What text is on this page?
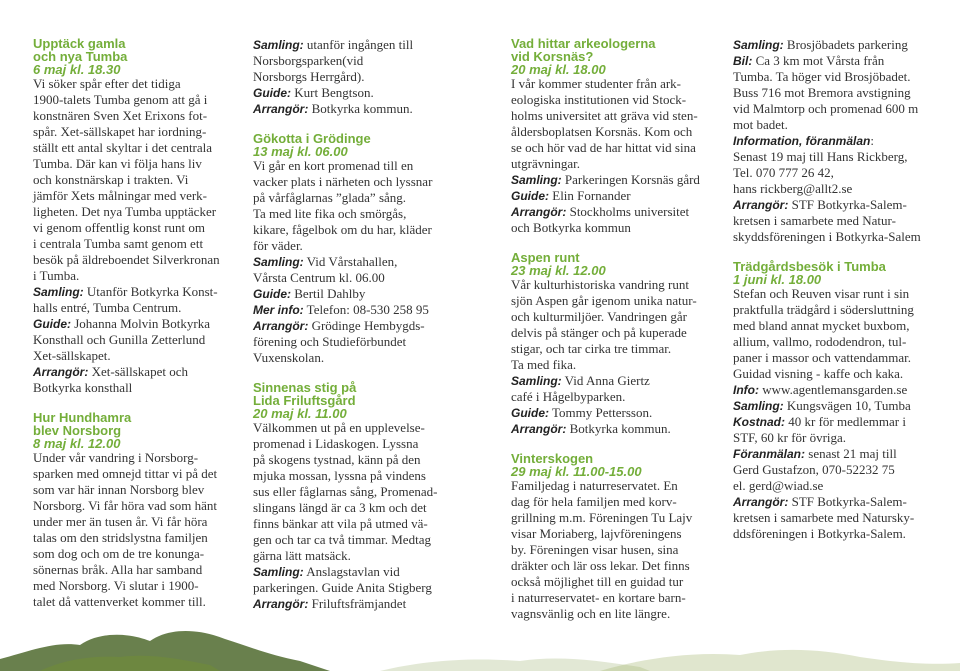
Upptäck gamla
och nya Tumba
6 maj kl. 18.30
Vi söker spår efter det tidiga
1900-talets Tumba genom att gå i
konstnären Sven Xet Erixons fot-
spår. Xet-sällskapet har iordning-
ställt ett antal skyltar i det centrala
Tumba. Där kan vi följa hans liv
och konstnärskap i trakten. Vi
jämför Xets målningar med verk-
ligheten. Det nya Tumba upptäcker
vi genom offentlig konst runt om
i centrala Tumba samt genom ett
besök på äldreboendet Silverkronan
i Tumba.
Samling: Utanför Botkyrka Konst-
halls entré, Tumba Centrum.
Guide: Johanna Molvin Botkyrka
Konsthall och Gunilla Zetterlund
Xet-sällskapet.
Arrangör: Xet-sällskapet och
Botkyrka konsthall
Hur Hundhamra
blev Norsborg
8 maj kl. 12.00
Under vår vandring i Norsborg-
sparken med omnejd tittar vi på det
som var här innan Norsborg blev
Norsborg. Vi får höra vad som hänt
under mer än tusen år. Vi får höra
talas om den stridslystna familjen
som dog och om de tre konunga-
sönernas bråk. Alla har samband
med Norsborg. Vi slutar i 1900-
talet då vattenverket kommer till.
Samling: utanför ingången till
Norsborgsparken(vid
Norsborgs Herrgård).
Guide: Kurt Bengtson.
Arrangör: Botkyrka kommun.
Gökotta i Grödinge
13 maj kl. 06.00
Vi går en kort promenad till en
vacker plats i närheten och lyssnar
på vårfåglarnas ”glada” sång.
Ta med lite fika och smörgås,
kikare, fågelbok om du har, kläder
för väder.
Samling: Vid Vårstahallen,
Vårsta Centrum kl. 06.00
Guide: Bertil Dahlby
Mer info: Telefon: 08-530 258 95
Arrangör: Grödinge Hembygds-
förening och Studieförbundet
Vuxenskolan.
Sinnenas stig på
Lida Friluftsgård
20 maj kl. 11.00
Välkommen ut på en upplevelse-
promenad i Lidaskogen. Lyssna
på skogens tystnad, känn på den
mjuka mossan, lyssna på vindens
sus eller fåglarnas sång, Promenad-
slingans längd är ca 3 km och det
finns bänkar att vila på utmed vä-
gen och tar ca två timmar. Medtag
gärna lätt matsäck.
Samling: Anslagstavlan vid
parkeringen. Guide Anita Stigberg
Arrangör: Friluftsfrämjandet
Vad hittar arkeologerna
vid Korsnäs?
20 maj kl. 18.00
I vår kommer studenter från ark-
eologiska institutionen vid Stock-
holms universitet att gräva vid sten-
åldersboplatsen Korsnäs. Kom och
se och hör vad de har hittat vid sina
utgrävningar.
Samling: Parkeringen Korsnäs gård
Guide: Elin Fornander
Arrangör: Stockholms universitet
och Botkyrka kommun
Aspen runt
23 maj kl. 12.00
Vår kulturhistoriska vandring runt
sjön Aspen går igenom unika natur-
och kulturmiljöer. Vandringen går
delvis på stänger och på kuperade
stigar, och tar cirka tre timmar.
Ta med fika.
Samling: Vid Anna Giertz
café i Hågelbyparken.
Guide: Tommy Pettersson.
Arrangör: Botkyrka kommun.
Vinterskogen
29 maj kl. 11.00-15.00
Familjedag i naturreservatet. En
dag för hela familjen med korv-
grillning m.m. Föreningen Tu Lajv
visar Moriaberg, lajvföreningens
by. Föreningen visar husen, sina
dräkter och lär oss lekar. Det finns
också möjlighet till en guidad tur
i naturreservatet- en kortare barn-
vagnsvänlig och en lite längre.
Samling: Brosjöbadets parkering
Bil: Ca 3 km mot Vårsta från
Tumba. Ta höger vid Brosjöbadet.
Buss 716 mot Bremora avstigning
vid Malmtorp och promenad 600 m
mot badet.
Information, föranmälan:
Senast 19 maj till Hans Rickberg,
Tel. 070 777 26 42,
hans rickberg@allt2.se
Arrangör: STF Botkyrka-Salem-
kretsen i samarbete med Natur-
skyddsföreningen i Botkyrka-Salem
Trädgårdsbesök i Tumba
1 juni kl. 18.00
Stefan och Reuven visar runt i sin
praktfulla trädgård i södersluttning
med bland annat mycket buxbom,
allium, vallmo, rododendron, tul-
paner i massor och vattendammar.
Guidad visning - kaffe och kaka.
Info: www.agentlemansgarden.se
Samling: Kungsvägen 10, Tumba
Kostnad: 40 kr för medlemmar i
STF, 60 kr för övriga.
Föranmälan: senast 21 maj till
Gerd Gustafzon, 070-52232 75
el. gerd@wiad.se
Arrangör: STF Botkyrka-Salem-
kretsen i samarbete med Natursky-
ddsföreningen i Botkyrka-Salem.
